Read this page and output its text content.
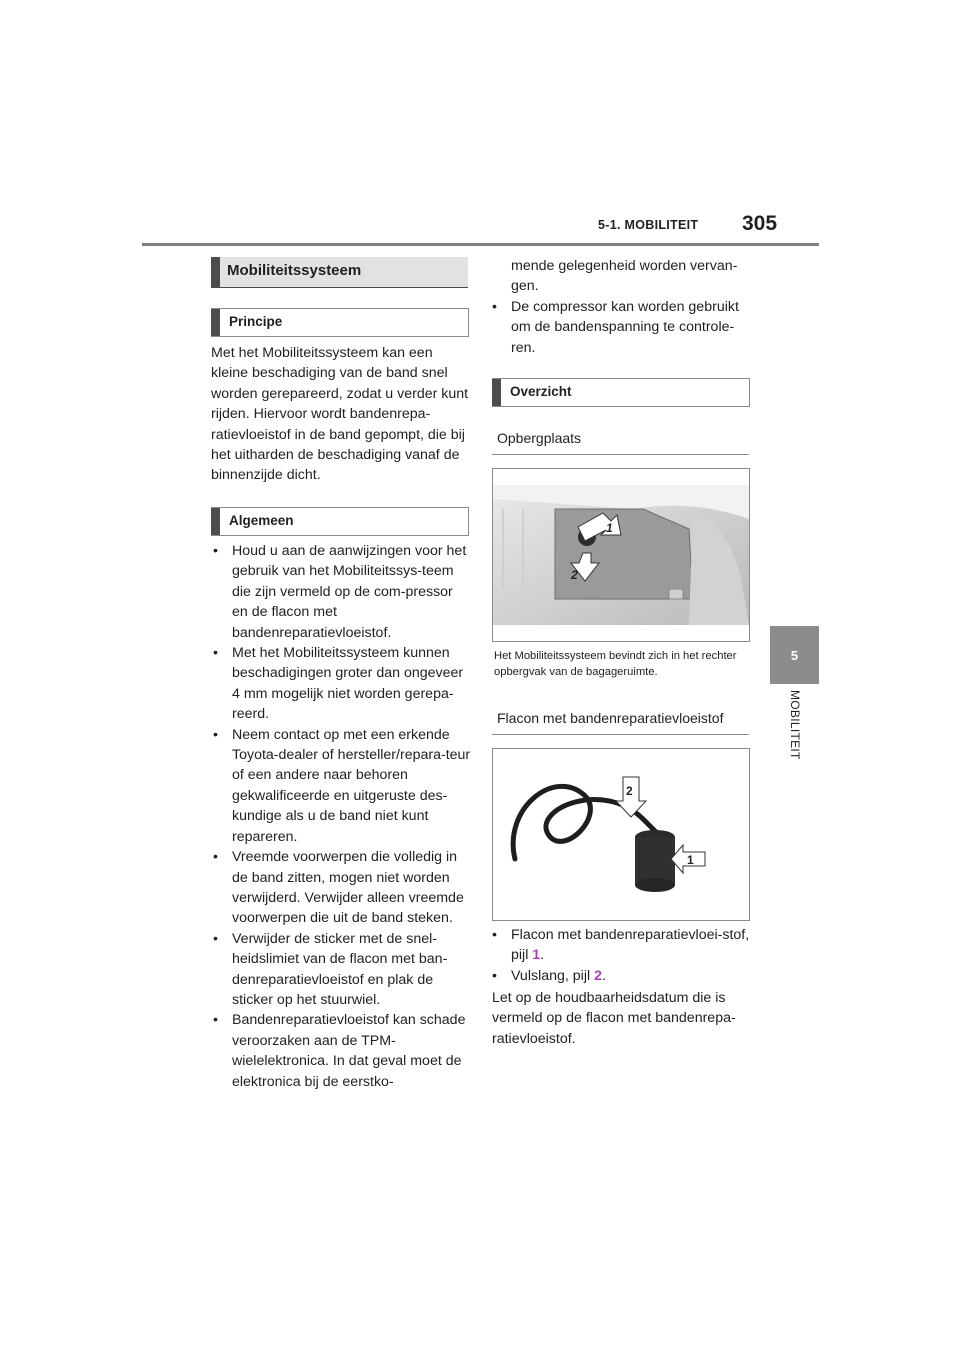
5-1. MOBILITEIT 305
5
MOBILITEIT
Mobiliteitssysteem
Principe
Met het Mobiliteitssysteem kan een kleine beschadiging van de band snel worden gerepareerd, zodat u verder kunt rijden. Hiervoor wordt bandenrepa-ratievloeistof in de band gepompt, die bij het uitharden de beschadiging vanaf de binnenzijde dicht.
Algemeen
• Houd u aan de aanwijzingen voor het gebruik van het Mobiliteitssys-teem die zijn vermeld op de com-pressor en de flacon met bandenreparatievloeistof.
• Met het Mobiliteitssysteem kunnen beschadigingen groter dan ongeveer 4 mm mogelijk niet worden gerepa-reerd.
• Neem contact op met een erkende Toyota-dealer of hersteller/repara-teur of een andere naar behoren gekwalificeerde en uitgeruste des-kundige als u de band niet kunt repareren.
• Vreemde voorwerpen die volledig in de band zitten, mogen niet worden verwijderd. Verwijder alleen vreemde voorwerpen die uit de band steken.
• Verwijder de sticker met de snel-heidslimiet van de flacon met ban-denreparatievloeistof en plak de sticker op het stuurwiel.
• Bandenreparatievloeistof kan schade veroorzaken aan de TPM-wielelektronica. In dat geval moet de elektronica bij de eerstko-
mende gelegenheid worden vervan-gen.
• De compressor kan worden gebruikt om de bandenspanning te controle-ren.
Overzicht
Opbergplaats
1
2
Het Mobiliteitssysteem bevindt zich in het rechter opbergvak van de bagageruimte.
Flacon met bandenreparatievloeistof
2
1
• Flacon met bandenreparatievloei-stof, pijl 1.
• Vulslang, pijl 2.
Let op de houdbaarheidsdatum die is vermeld op de flacon met bandenrepa-ratievloeistof.
